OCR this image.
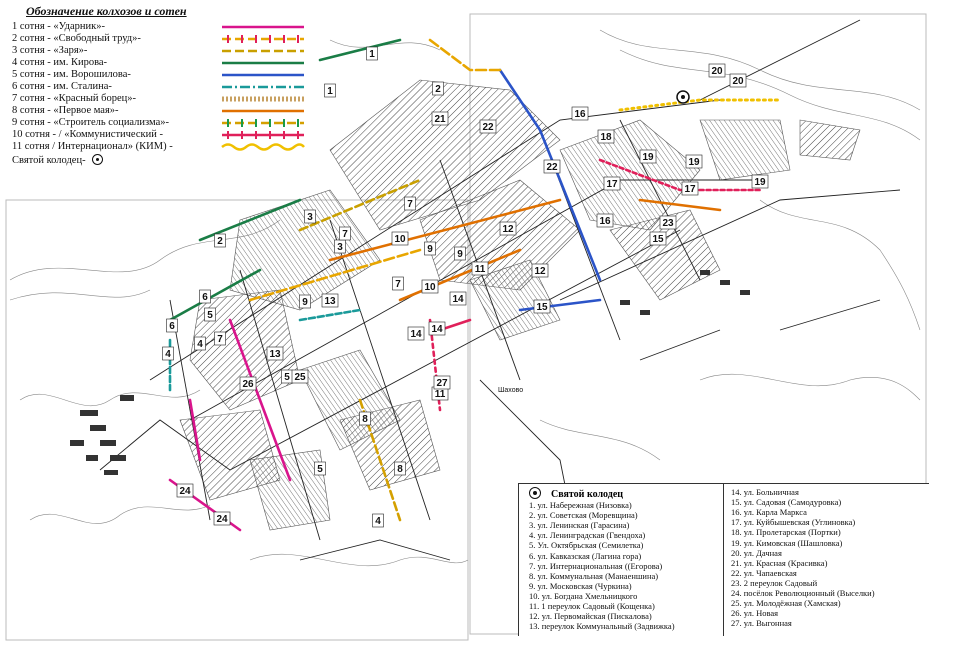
1
1	2
2
3
3
4
4
4
5
5
5
6
6
7
7
7
7
8
8
9
9 9
10
10
11
11
12
12
13
13
14 14
14
15
15
16
16
17	17
18
19	19
19
20
20
21
22
22
23
24
24
25
26	27
Шахово
Обозначение колхозов и сотен
1 сотня - «Ударник»-
2 сотня - «Свободный труд»-
3 сотня - «Заря»-
4 сотня - им. Кирова-
5 сотня - им. Ворошилова-
6 сотня - им. Сталина-
7 сотня - «Красный борец»-
8 сотня - «Первое мая»-
9 сотня - «Строитель социализма»-
10 сотня - / «Коммунистический -
11 сотня / Интернационал» (КИМ) -
Святой колодец-
Святой колодец
1. ул. Набережная (Низовка)
2. ул. Советская (Моревщина)
3. ул. Ленинская (Гарасина)
4. ул. Ленинградская (Гвендоха)
5. Ул. Октябрьская (Семилетка)
6. ул. Кавказская (Лагина гора)
7. ул. Интернациональная ((Егорова)
8. ул. Коммунальная (Манаеншина)
9. ул. Московская (Чуркина)
10. ул. Богдана Хмельницкого
11. 1 переулок Садовый (Кощенка)
12. ул. Первомайская (Пискалова)
13. переулок Коммунальный (Задвижка)
14. ул. Больничная
15. ул. Садовая (Самодуровка)
16. ул. Карла Маркса
17. ул. Куйбышевская (Углиновка)
18. ул. Пролетарская (Портки)
19. ул. Кимовская (Шашловка)
20. ул. Дачная
21. ул. Красная (Красивка)
22. ул. Чапаевская
23. 2 переулок Садовый
24. посёлок Революционный (Выселки)
25. ул. Молодёжная (Хамская)
26. ул. Новая
27. ул. Выгонная
